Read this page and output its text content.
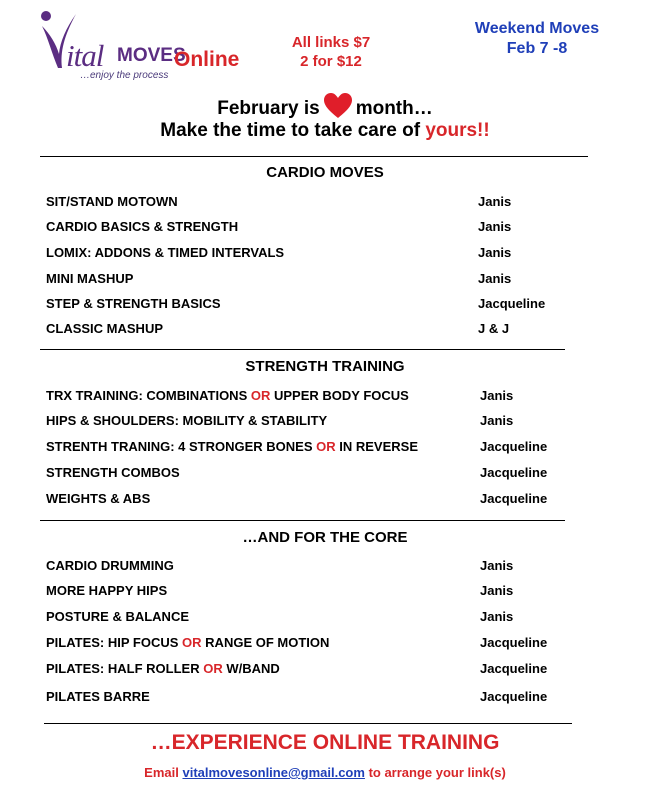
ital MOVES
Online
…enjoy the process
All links $7
2 for $12
Weekend Moves
Feb 7 -8
February is month…
Make the time to take care of yours!!
CARDIO MOVES
STRENGTH TRAINING
…AND FOR THE CORE
SIT/STAND MOTOWN	Janis
CARDIO BASICS & STRENGTH	Janis
LOMIX: ADDONS & TIMED INTERVALS	Janis
MINI MASHUP	Janis
STEP & STRENGTH BASICS	Jacqueline
CLASSIC MASHUP	J & J
TRX TRAINING: COMBINATIONS OR UPPER BODY FOCUS	Janis
HIPS & SHOULDERS: MOBILITY & STABILITY	Janis
STRENTH TRANING: 4 STRONGER BONES OR IN REVERSE	Jacqueline
STRENGTH COMBOS	Jacqueline
WEIGHTS & ABS	Jacqueline
CARDIO DRUMMING	Janis
MORE HAPPY HIPS	Janis
POSTURE & BALANCE	Janis
PILATES: HIP FOCUS OR RANGE OF MOTION	Jacqueline
PILATES: HALF ROLLER OR W/BAND	Jacqueline
PILATES BARRE	Jacqueline
…EXPERIENCE ONLINE TRAINING
Email vitalmovesonline@gmail.com to arrange your link(s)
